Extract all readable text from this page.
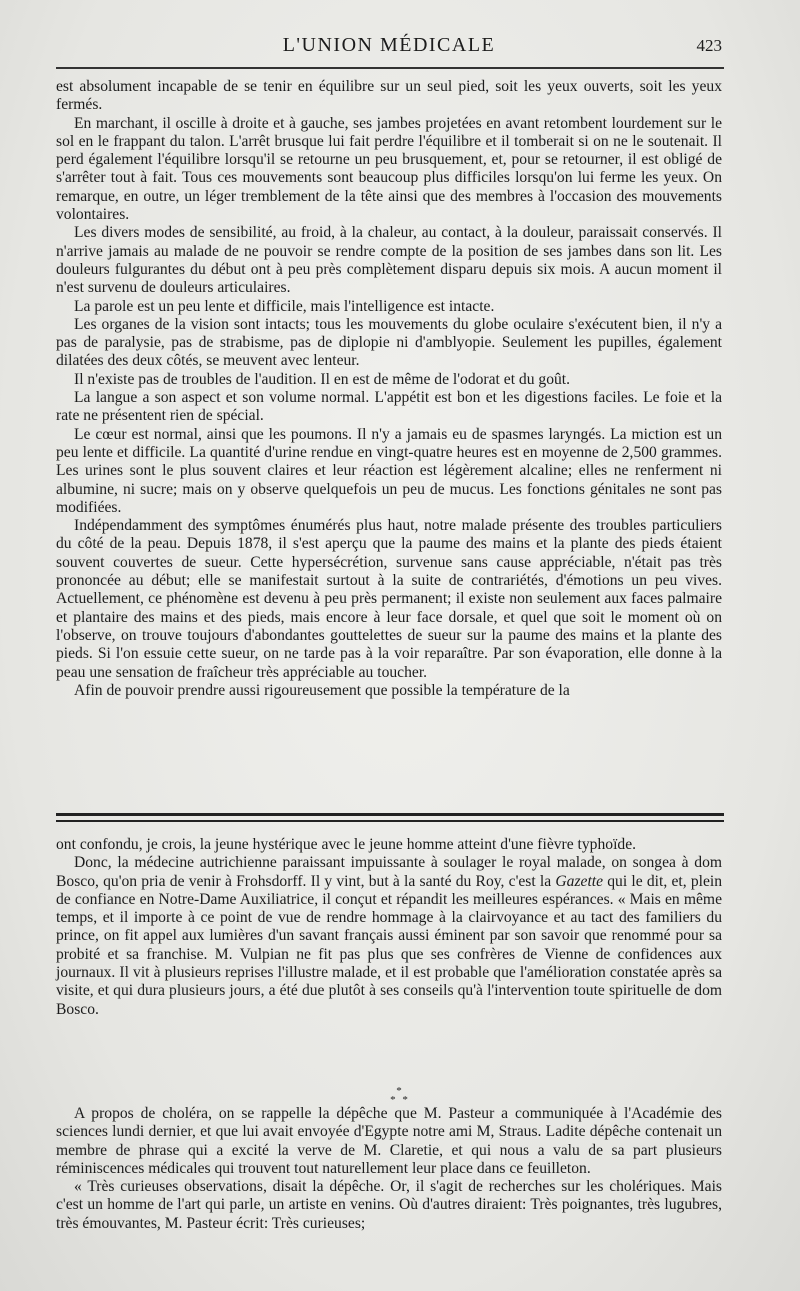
L'UNION MÉDICALE	423

est absolument incapable de se tenir en équilibre sur un seul pied, soit les yeux ouverts, soit les yeux fermés.

En marchant, il oscille à droite et à gauche, ses jambes projetées en avant retombent lourdement sur le sol en le frappant du talon. L'arrêt brusque lui fait perdre l'équilibre et il tomberait si on ne le soutenait. Il perd également l'équilibre lorsqu'il se retourne un peu brusquement, et, pour se retourner, il est obligé de s'arrêter tout à fait. Tous ces mouvements sont beaucoup plus difficiles lorsqu'on lui ferme les yeux. On remarque, en outre, un léger tremblement de la tête ainsi que des membres à l'occasion des mouvements volontaires.

Les divers modes de sensibilité, au froid, à la chaleur, au contact, à la douleur, paraissait conservés. Il n'arrive jamais au malade de ne pouvoir se rendre compte de la position de ses jambes dans son lit. Les douleurs fulgurantes du début ont à peu près complètement disparu depuis six mois. A aucun moment il n'est survenu de douleurs articulaires.

La parole est un peu lente et difficile, mais l'intelligence est intacte.

Les organes de la vision sont intacts; tous les mouvements du globe oculaire s'exécutent bien, il n'y a pas de paralysie, pas de strabisme, pas de diplopie ni d'amblyopie. Seulement les pupilles, également dilatées des deux côtés, se meuvent avec lenteur.

Il n'existe pas de troubles de l'audition. Il en est de même de l'odorat et du goût.

La langue a son aspect et son volume normal. L'appétit est bon et les digestions faciles. Le foie et la rate ne présentent rien de spécial.

Le cœur est normal, ainsi que les poumons. Il n'y a jamais eu de spasmes laryngés. La miction est un peu lente et difficile. La quantité d'urine rendue en vingt-quatre heures est en moyenne de 2,500 grammes. Les urines sont le plus souvent claires et leur réaction est légèrement alcaline; elles ne renferment ni albumine, ni sucre; mais on y observe quelquefois un peu de mucus. Les fonctions génitales ne sont pas modifiées.

Indépendamment des symptômes énumérés plus haut, notre malade présente des troubles particuliers du côté de la peau. Depuis 1878, il s'est aperçu que la paume des mains et la plante des pieds étaient souvent couvertes de sueur. Cette hypersécrétion, survenue sans cause appréciable, n'était pas très prononcée au début; elle se manifestait surtout à la suite de contrariétés, d'émotions un peu vives. Actuellement, ce phénomène est devenu à peu près permanent; il existe non seulement aux faces palmaire et plantaire des mains et des pieds, mais encore à leur face dorsale, et quel que soit le moment où on l'observe, on trouve toujours d'abondantes gouttelettes de sueur sur la paume des mains et la plante des pieds. Si l'on essuie cette sueur, on ne tarde pas à la voir reparaître. Par son évaporation, elle donne à la peau une sensation de fraîcheur très appréciable au toucher.

Afin de pouvoir prendre aussi rigoureusement que possible la température de la

ont confondu, je crois, la jeune hystérique avec le jeune homme atteint d'une fièvre typhoïde.

Donc, la médecine autrichienne paraissant impuissante à soulager le royal malade, on songea à dom Bosco, qu'on pria de venir à Frohsdorff. Il y vint, but à la santé du Roy, c'est la Gazette qui le dit, et, plein de confiance en Notre-Dame Auxiliatrice, il conçut et répandit les meilleures espérances. « Mais en même temps, et il importe à ce point de vue de rendre hommage à la clairvoyance et au tact des familiers du prince, on fit appel aux lumières d'un savant français aussi éminent par son savoir que renommé pour sa probité et sa franchise. M. Vulpian ne fit pas plus que ses confrères de Vienne de confidences aux journaux. Il vit à plusieurs reprises l'illustre malade, et il est probable que l'amélioration constatée après sa visite, et qui dura plusieurs jours, a été due plutôt à ses conseils qu'à l'intervention toute spirituelle de dom Bosco.

*
* *

A propos de choléra, on se rappelle la dépêche que M. Pasteur a communiquée à l'Académie des sciences lundi dernier, et que lui avait envoyée d'Egypte notre ami M, Straus. Ladite dépêche contenait un membre de phrase qui a excité la verve de M. Claretie, et qui nous a valu de sa part plusieurs réminiscences médicales qui trouvent tout naturellement leur place dans ce feuilleton.

« Très curieuses observations, disait la dépêche. Or, il s'agit de recherches sur les cholériques. Mais c'est un homme de l'art qui parle, un artiste en venins. Où d'autres diraient: Très poignantes, très lugubres, très émouvantes, M. Pasteur écrit: Très curieuses;
